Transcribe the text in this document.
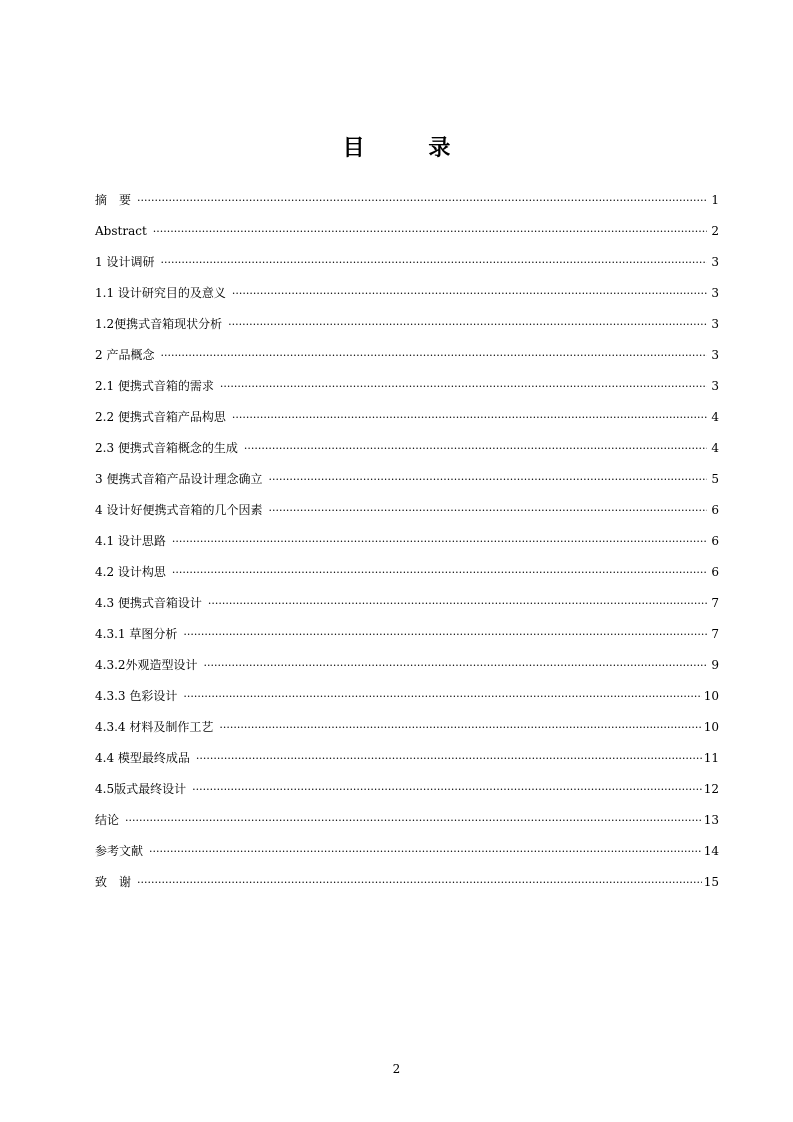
目 录
摘　要 ·····	1
Abstract ·····	2
1 设计调研 ·····	3
1.1 设计研究目的及意义 ·····	3
1.2便携式音箱现状分析 ·····	3
2 产品概念 ·····	3
2.1 便携式音箱的需求 ·····	3
2.2 便携式音箱产品构思 ·····	4
2.3 便携式音箱概念的生成 ·····	4
3 便携式音箱产品设计理念确立 ·····	5
4 设计好便携式音箱的几个因素 ·····	6
4.1 设计思路 ·····	6
4.2 设计构思 ·····	6
4.3 便携式音箱设计 ·····	7
4.3.1 草图分析 ·····	7
4.3.2外观造型设计 ·····	9
4.3.3 色彩设计 ·····	10
4.3.4 材料及制作工艺 ·····	10
4.4 模型最终成品 ·····	11
4.5版式最终设计 ·····	12
结论 ·····	13
参考文献 ·····	14
致　谢 ·····	15
2
